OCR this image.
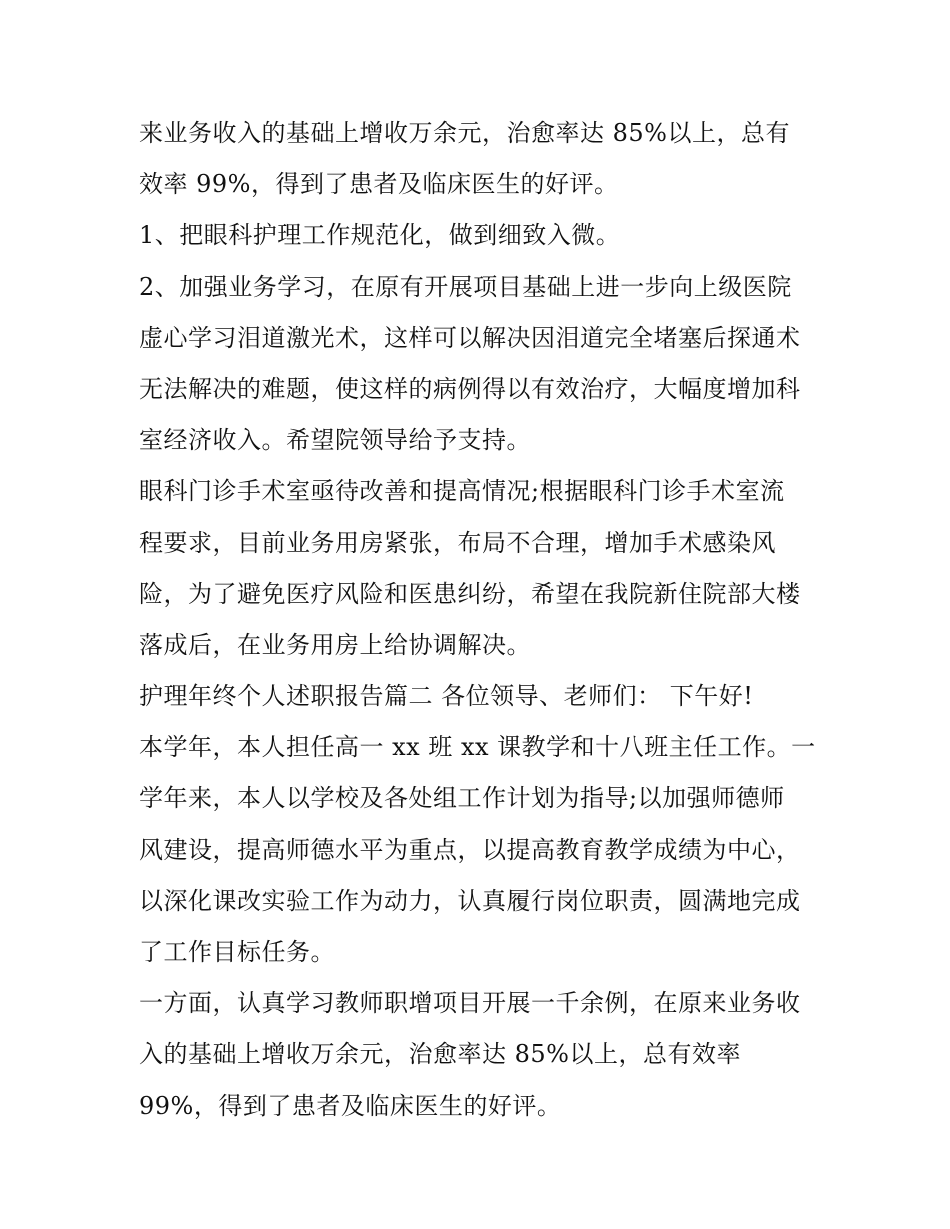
来业务收入的基础上增收万余元，治愈率达 85%以上，总有
效率 99%，得到了患者及临床医生的好评。
1、把眼科护理工作规范化，做到细致入微。
2、加强业务学习，在原有开展项目基础上进一步向上级医院
虚心学习泪道激光术，这样可以解决因泪道完全堵塞后探通术
无法解决的难题，使这样的病例得以有效治疗，大幅度增加科
室经济收入。希望院领导给予支持。
眼科门诊手术室亟待改善和提高情况;根据眼科门诊手术室流
程要求，目前业务用房紧张，布局不合理，增加手术感染风
险，为了避免医疗风险和医患纠纷，希望在我院新住院部大楼
落成后，在业务用房上给协调解决。
护理年终个人述职报告篇二 各位领导、老师们： 下午好!
本学年，本人担任高一 xx 班 xx 课教学和十八班主任工作。一
学年来，本人以学校及各处组工作计划为指导;以加强师德师
风建设，提高师德水平为重点，以提高教育教学成绩为中心，
以深化课改实验工作为动力，认真履行岗位职责，圆满地完成
了工作目标任务。
一方面，认真学习教师职增项目开展一千余例，在原来业务收
入的基础上增收万余元，治愈率达 85%以上，总有效率
99%，得到了患者及临床医生的好评。
